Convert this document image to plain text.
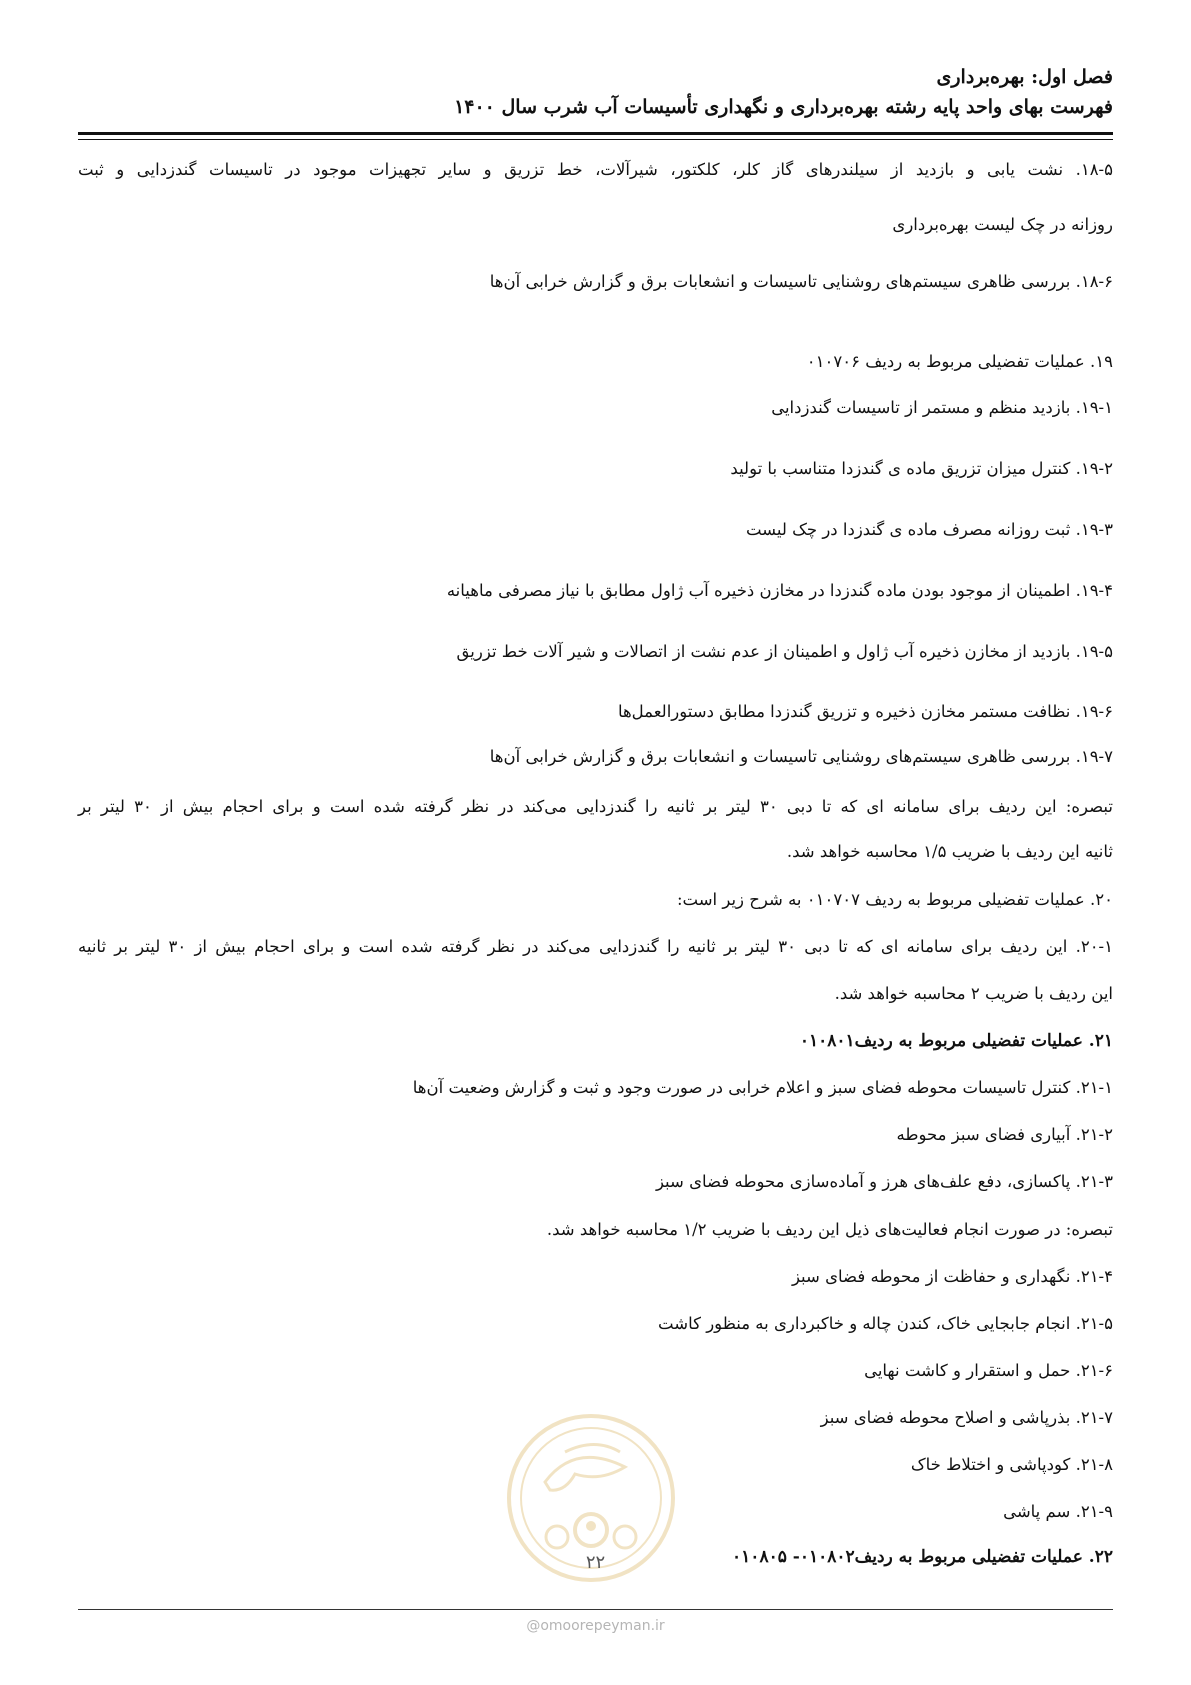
فصل اول: بهره‌برداری
فهرست بهای واحد پایه رشته بهره‌برداری و نگهداری تأسیسات آب شرب سال ۱۴۰۰
۱۸-۵. نشت یابی و بازدید از سیلندرهای گاز کلر، کلکتور، شیرآلات، خط تزریق و سایر تجهیزات موجود در تاسیسات گندزدایی و ثبت
روزانه در چک لیست بهره‌برداری
۱۸-۶. بررسی ظاهری سیستم‌های روشنایی تاسیسات و انشعابات برق و گزارش خرابی آن‌ها
۱۹. عملیات تفضیلی مربوط به ردیف ۰۱۰۷۰۶
۱۹-۱. بازدید منظم و مستمر از تاسیسات گندزدایی
۱۹-۲. کنترل میزان تزریق ماده ی گندزدا متناسب با تولید
۱۹-۳. ثبت روزانه مصرف ماده ی گندزدا در چک لیست
۱۹-۴. اطمینان از موجود بودن ماده گندزدا در مخازن ذخیره آب ژاول مطابق با نیاز مصرفی ماهیانه
۱۹-۵. بازدید از مخازن ذخیره آب ژاول و اطمینان از عدم نشت از اتصالات و شیر آلات خط تزریق
۱۹-۶. نظافت مستمر مخازن ذخیره و تزریق گندزدا مطابق دستورالعمل‌ها
۱۹-۷. بررسی ظاهری سیستم‌های روشنایی تاسیسات و انشعابات برق و گزارش خرابی آن‌ها
تبصره: این ردیف برای سامانه ای که تا دبی ۳۰ لیتر بر ثانیه را گندزدایی می‌کند در نظر گرفته شده است و برای احجام بیش از ۳۰ لیتر بر
ثانیه این ردیف با ضریب ۱/۵ محاسبه خواهد شد.
۲۰. عملیات تفضیلی مربوط به ردیف ۰۱۰۷۰۷ به شرح زیر است:
۲۰-۱. این ردیف برای سامانه ای که تا دبی ۳۰ لیتر بر ثانیه را گندزدایی می‌کند در نظر گرفته شده است و برای احجام بیش از ۳۰ لیتر بر ثانیه
این ردیف با ضریب ۲ محاسبه خواهد شد.
۲۱. عملیات تفضیلی مربوط به ردیف۰۱۰۸۰۱
۲۱-۱. کنترل تاسیسات محوطه فضای سبز و اعلام خرابی در صورت وجود و ثبت و گزارش وضعیت آن‌ها
۲۱-۲. آبیاری فضای سبز محوطه
۲۱-۳. پاکسازی، دفع علف‌های هرز و آماده‌سازی محوطه فضای سبز
تبصره: در صورت انجام فعالیت‌های ذیل این ردیف با ضریب ۱/۲ محاسبه خواهد شد.
۲۱-۴. نگهداری و حفاظت از محوطه فضای سبز
۲۱-۵. انجام جابجایی خاک، کندن چاله و خاکبرداری به منظور کاشت
۲۱-۶. حمل و استقرار و کاشت نهایی
۲۱-۷. بذرپاشی و اصلاح محوطه فضای سبز
۲۱-۸. کودپاشی و اختلاط خاک
۲۱-۹. سم پاشی
۲۲. عملیات تفضیلی مربوط به ردیف۰۱۰۸۰۲- ۰۱۰۸۰۵
۲۲
@omoorepeyman.ir
